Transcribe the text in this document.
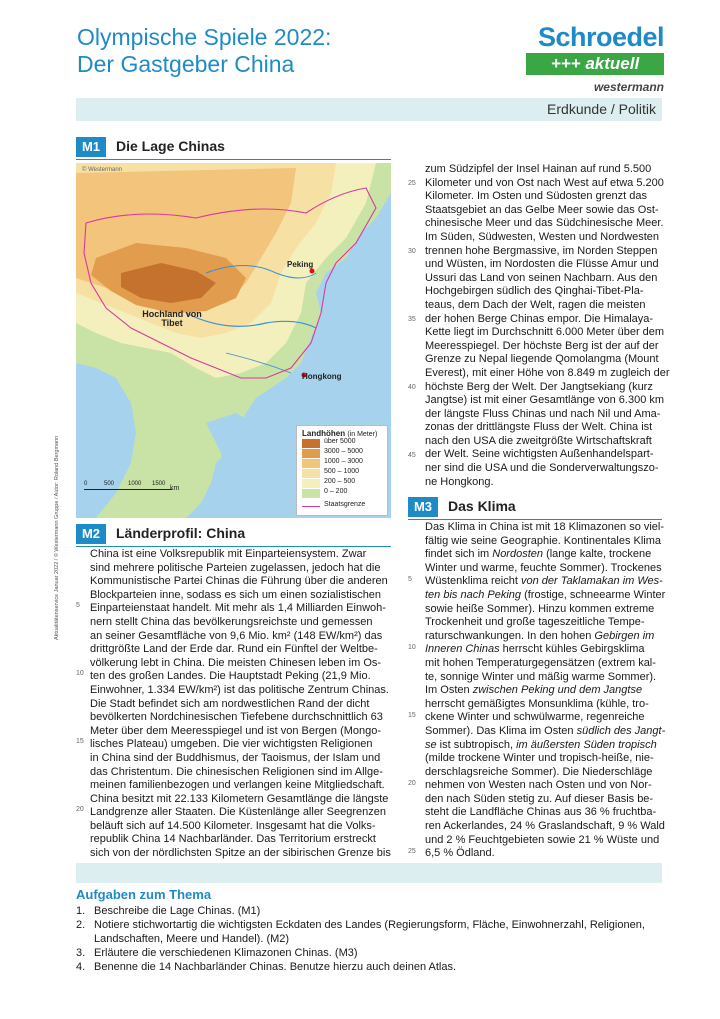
Olympische Spiele 2022:
Der Gastgeber China
Schroedel
+++ aktuell
westermann
Erdkunde / Politik
Aktualitätenservice Januar 2022 / © Westermann Gruppe / Autor: Roland Bergmann
M1	Die Lage Chinas
© Westermann
Peking
Hochland von Tibet
Hongkong
Landhöhen (in Meter)
über 5000
3000 – 5000
1000 – 3000
500 – 1000
200 – 500
0 – 200
Staatsgrenze
0	500 1000 1500
km
M2	Länderprofil: China

China ist eine Volksrepublik mit Einparteiensystem. Zwar

sind mehrere politische Parteien zugelassen, jedoch hat die

Kommunistische Partei Chinas die Führung über die anderen

Blockparteien inne, sodass es sich um einen sozialistischen

Einparteienstaat handelt. Mit mehr als 1,4 Milliarden Einwoh-

nern stellt China das bevölkerungsreichste und gemessen

an seiner Gesamtfläche von 9,6 Mio. km² (148 EW/km²) das

drittgrößte Land der Erde dar. Rund ein Fünftel der Weltbe-

völkerung lebt in China. Die meisten Chinesen leben im Os-

ten des großen Landes. Die Hauptstadt Peking (21,9 Mio.

Einwohner, 1.334 EW/km²) ist das politische Zentrum Chinas.

Die Stadt befindet sich am nordwestlichen Rand der dicht

bevölkerten Nordchinesischen Tiefebene durchschnittlich 63

Meter über dem Meeresspiegel und ist von Bergen (Mongo-

lisches Plateau) umgeben. Die vier wichtigsten Religionen

in China sind der Buddhismus, der Taoismus, der Islam und

das Christentum. Die chinesischen Religionen sind im Allge-

meinen familienbezogen und verlangen keine Mitgliedschaft.

China besitzt mit 22.133 Kilometern Gesamtlänge die längste

Landgrenze aller Staaten. Die Küstenlänge aller Seegrenzen

beläuft sich auf 14.500 Kilometer. Insgesamt hat die Volks-

republik China 14 Nachbarländer. Das Territorium erstreckt

sich von der nördlichsten Spitze an der sibirischen Grenze bis

5
10
15
20

zum Südzipfel der Insel Hainan auf rund 5.500

Kilometer und von Ost nach West auf etwa 5.200

Kilometer. Im Osten und Südosten grenzt das

Staatsgebiet an das Gelbe Meer sowie das Ost-

chinesische Meer und das Südchinesische Meer.

Im Süden, Südwesten, Westen und Nordwesten

trennen hohe Bergmassive, im Norden Steppen

und Wüsten, im Nordosten die Flüsse Amur und

Ussuri das Land von seinen Nachbarn. Aus den

Hochgebirgen südlich des Qinghai-Tibet-Pla-

teaus, dem Dach der Welt, ragen die meisten

der hohen Berge Chinas empor. Die Himalaya-

Kette liegt im Durchschnitt 6.000 Meter über dem

Meeresspiegel. Der höchste Berg ist der auf der

Grenze zu Nepal liegende Qomolangma (Mount

Everest), mit einer Höhe von 8.849 m zugleich der

höchste Berg der Welt. Der Jangtsekiang (kurz

Jangtse) ist mit einer Gesamtlänge von 6.300 km

der längste Fluss Chinas und nach Nil und Ama-

zonas der drittlängste Fluss der Welt. China ist

nach den USA die zweitgrößte Wirtschaftskraft

der Welt. Seine wichtigsten Außenhandelspart-

ner sind die USA und die Sonderverwaltungszo-

ne Hongkong.

25
30
35
40
45
M3	Das Klima

Das Klima in China ist mit 18 Klimazonen so viel-

fältig wie seine Geographie. Kontinentales Klima

findet sich im Nordosten (lange kalte, trockene

Winter und warme, feuchte Sommer). Trockenes

Wüstenklima reicht von der Taklamakan im Wes-

ten bis nach Peking (frostige, schneearme Winter

sowie heiße Sommer). Hinzu kommen extreme

Trockenheit und große tageszeitliche Tempe-

raturschwankungen. In den hohen Gebirgen im

Inneren Chinas herrscht kühles Gebirgsklima

mit hohen Temperaturgegensätzen (extrem kal-

te, sonnige Winter und mäßig warme Sommer).

Im Osten zwischen Peking und dem Jangtse

herrscht gemäßigtes Monsunklima (kühle, tro-

ckene Winter und schwülwarme, regenreiche

Sommer). Das Klima im Osten südlich des Jangt-

se ist subtropisch, im äußersten Süden tropisch

(milde trockene Winter und tropisch-heiße, nie-

derschlagsreiche Sommer). Die Niederschläge

nehmen von Westen nach Osten und von Nor-

den nach Süden stetig zu. Auf dieser Basis be-

steht die Landfläche Chinas aus 36 % fruchtba-

ren Ackerlandes, 24 % Graslandschaft, 9 % Wald

und 2 % Feuchtgebieten sowie 21 % Wüste und

6,5 % Ödland.

5
10
15
20
25
Aufgaben zum Thema
1. Beschreibe die Lage Chinas. (M1)
2. Notiere stichwortartig die wichtigsten Eckdaten des Landes (Regierungsform, Fläche, Einwohnerzahl, Religionen,
Landschaften, Meere und Handel). (M2)
3. Erläutere die verschiedenen Klimazonen Chinas. (M3)
4. Benenne die 14 Nachbarländer Chinas. Benutze hierzu auch deinen Atlas.
